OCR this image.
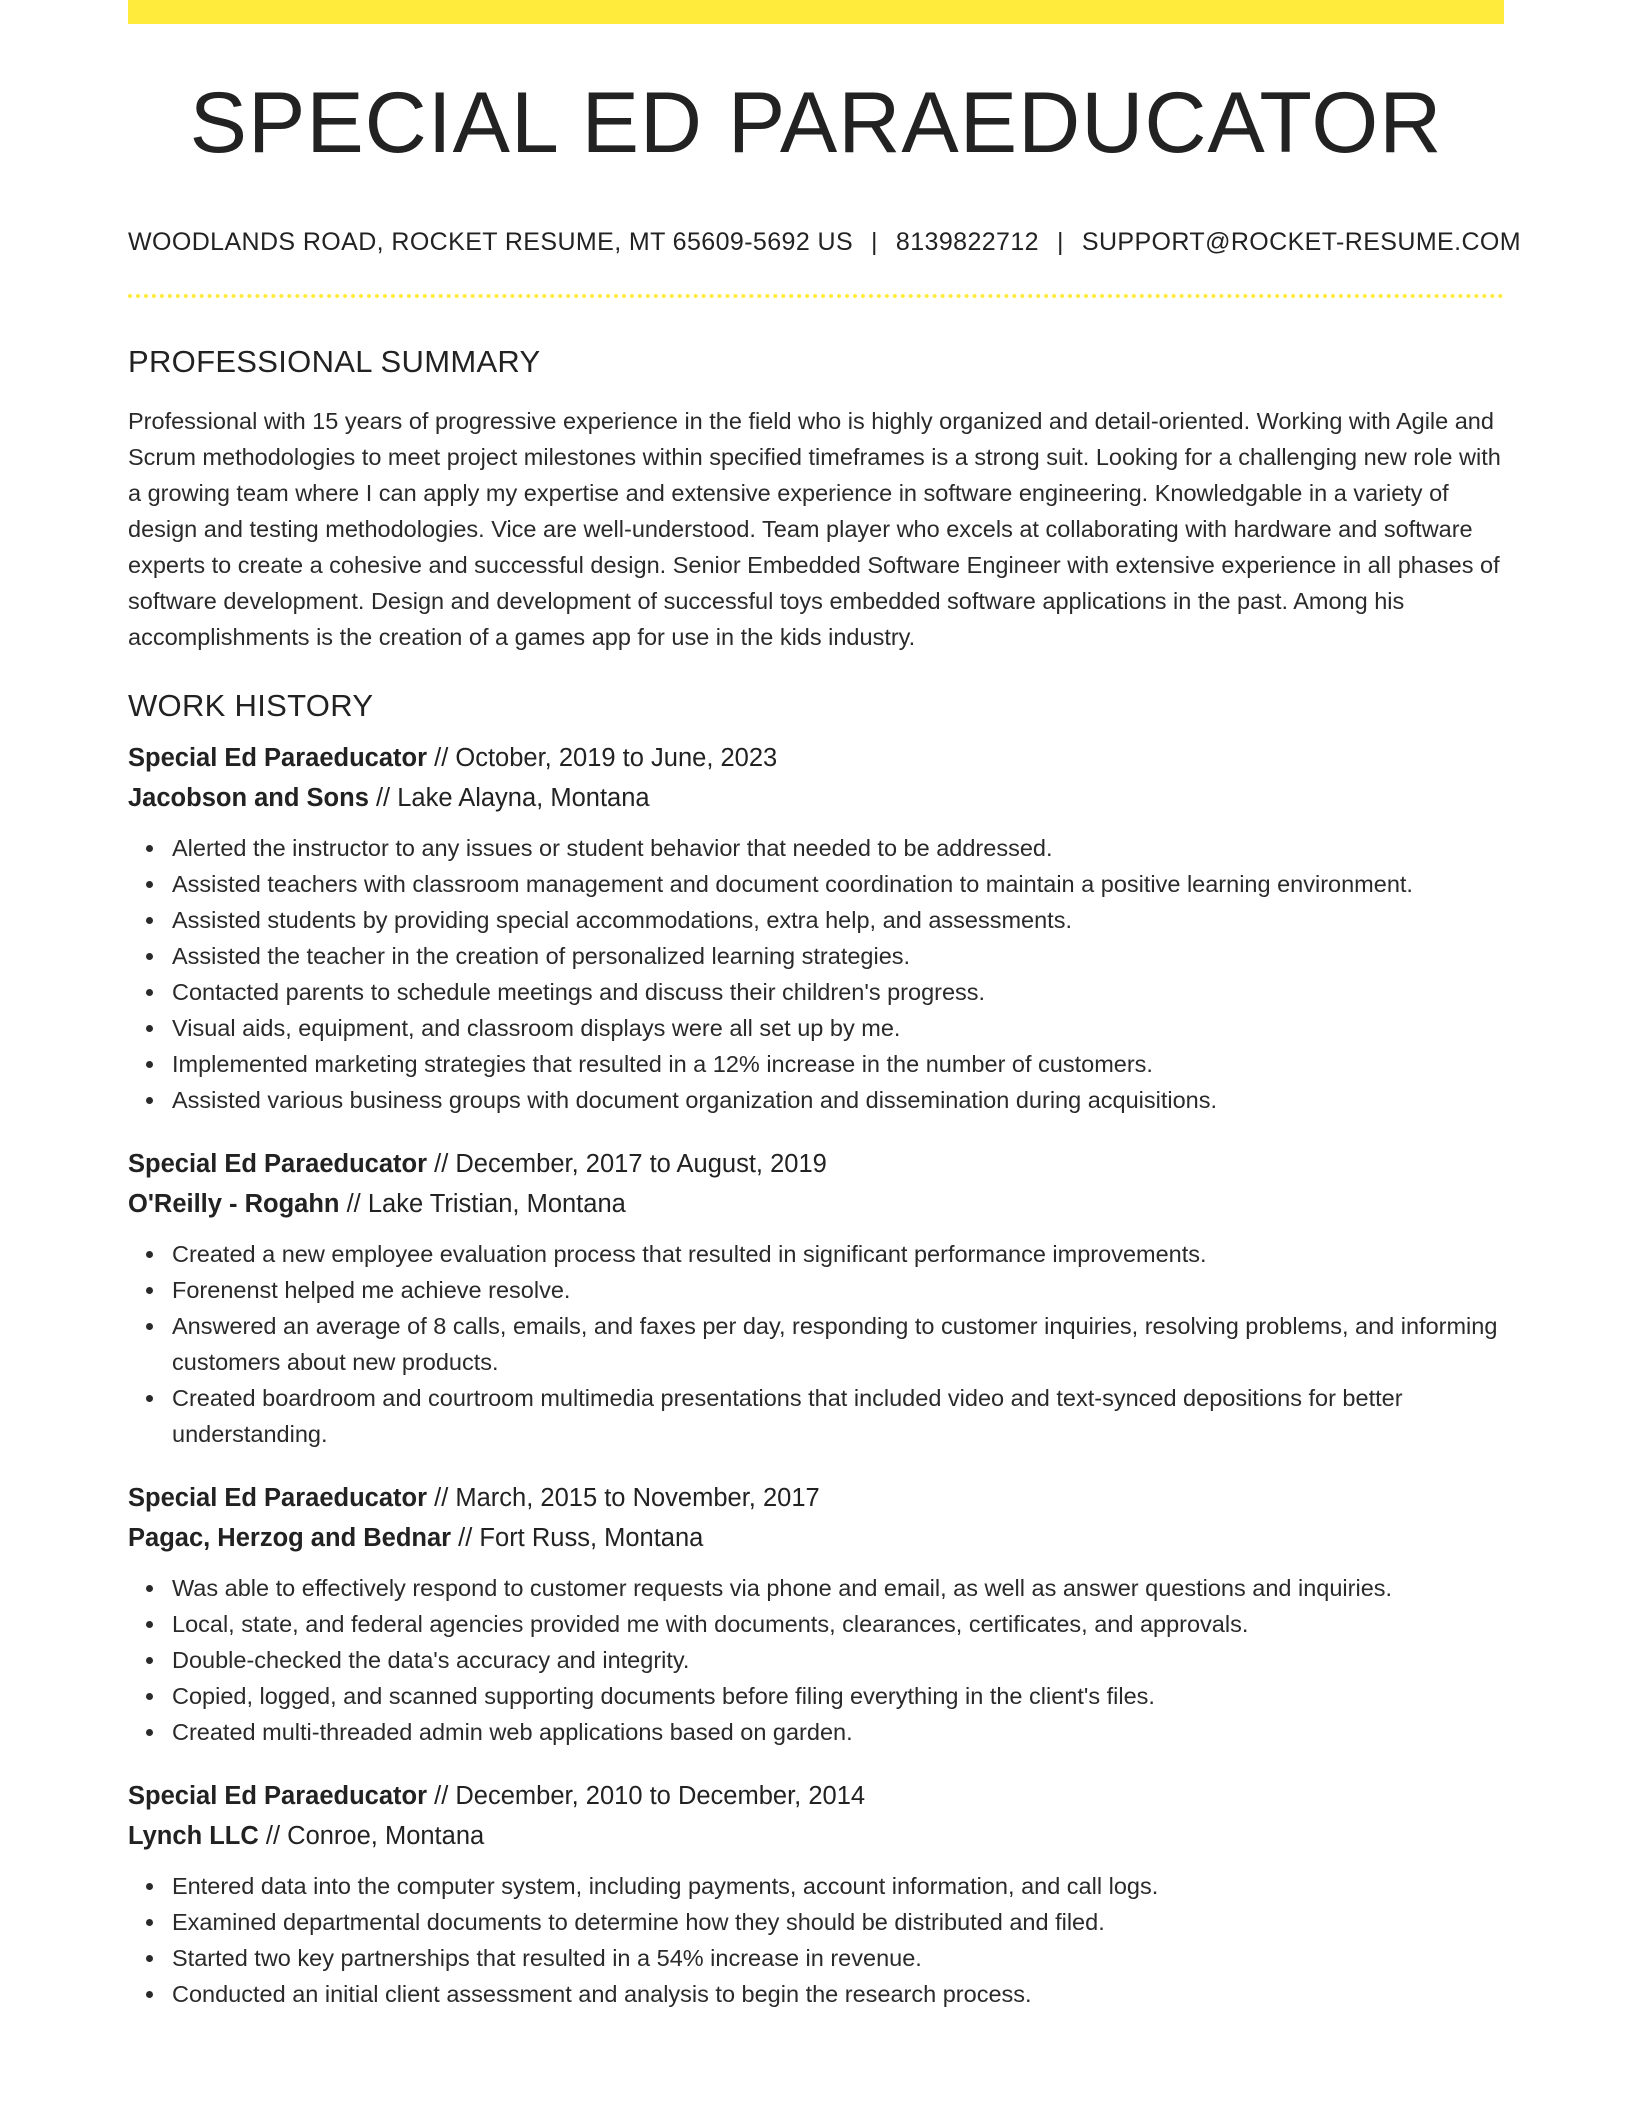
SPECIAL ED PARAEDUCATOR
WOODLANDS ROAD, ROCKET RESUME, MT 65609-5692 US | 8139822712 | SUPPORT@ROCKET-RESUME.COM
PROFESSIONAL SUMMARY

Professional with 15 years of progressive experience in the field who is highly organized and detail-oriented. Working with Agile and Scrum methodologies to meet project milestones within specified timeframes is a strong suit. Looking for a challenging new role with a growing team where I can apply my expertise and extensive experience in software engineering. Knowledgable in a variety of design and testing methodologies. Vice are well-understood. Team player who excels at collaborating with hardware and software experts to create a cohesive and successful design. Senior Embedded Software Engineer with extensive experience in all phases of software development. Design and development of successful toys embedded software applications in the past. Among his accomplishments is the creation of a games app for use in the kids industry.

WORK HISTORY
Special Ed Paraeducator // October, 2019 to June, 2023
Jacobson and Sons // Lake Alayna, Montana
Alerted the instructor to any issues or student behavior that needed to be addressed.
Assisted teachers with classroom management and document coordination to maintain a positive learning environment.
Assisted students by providing special accommodations, extra help, and assessments.
Assisted the teacher in the creation of personalized learning strategies.
Contacted parents to schedule meetings and discuss their children's progress.
Visual aids, equipment, and classroom displays were all set up by me.
Implemented marketing strategies that resulted in a 12% increase in the number of customers.
Assisted various business groups with document organization and dissemination during acquisitions.
Special Ed Paraeducator // December, 2017 to August, 2019
O'Reilly - Rogahn // Lake Tristian, Montana
Created a new employee evaluation process that resulted in significant performance improvements.
Forenenst helped me achieve resolve.
Answered an average of 8 calls, emails, and faxes per day, responding to customer inquiries, resolving problems, and informing customers about new products.
Created boardroom and courtroom multimedia presentations that included video and text-synced depositions for better understanding.
Special Ed Paraeducator // March, 2015 to November, 2017
Pagac, Herzog and Bednar // Fort Russ, Montana
Was able to effectively respond to customer requests via phone and email, as well as answer questions and inquiries.
Local, state, and federal agencies provided me with documents, clearances, certificates, and approvals.
Double-checked the data's accuracy and integrity.
Copied, logged, and scanned supporting documents before filing everything in the client's files.
Created multi-threaded admin web applications based on garden.
Special Ed Paraeducator // December, 2010 to December, 2014
Lynch LLC // Conroe, Montana
Entered data into the computer system, including payments, account information, and call logs.
Examined departmental documents to determine how they should be distributed and filed.
Started two key partnerships that resulted in a 54% increase in revenue.
Conducted an initial client assessment and analysis to begin the research process.
